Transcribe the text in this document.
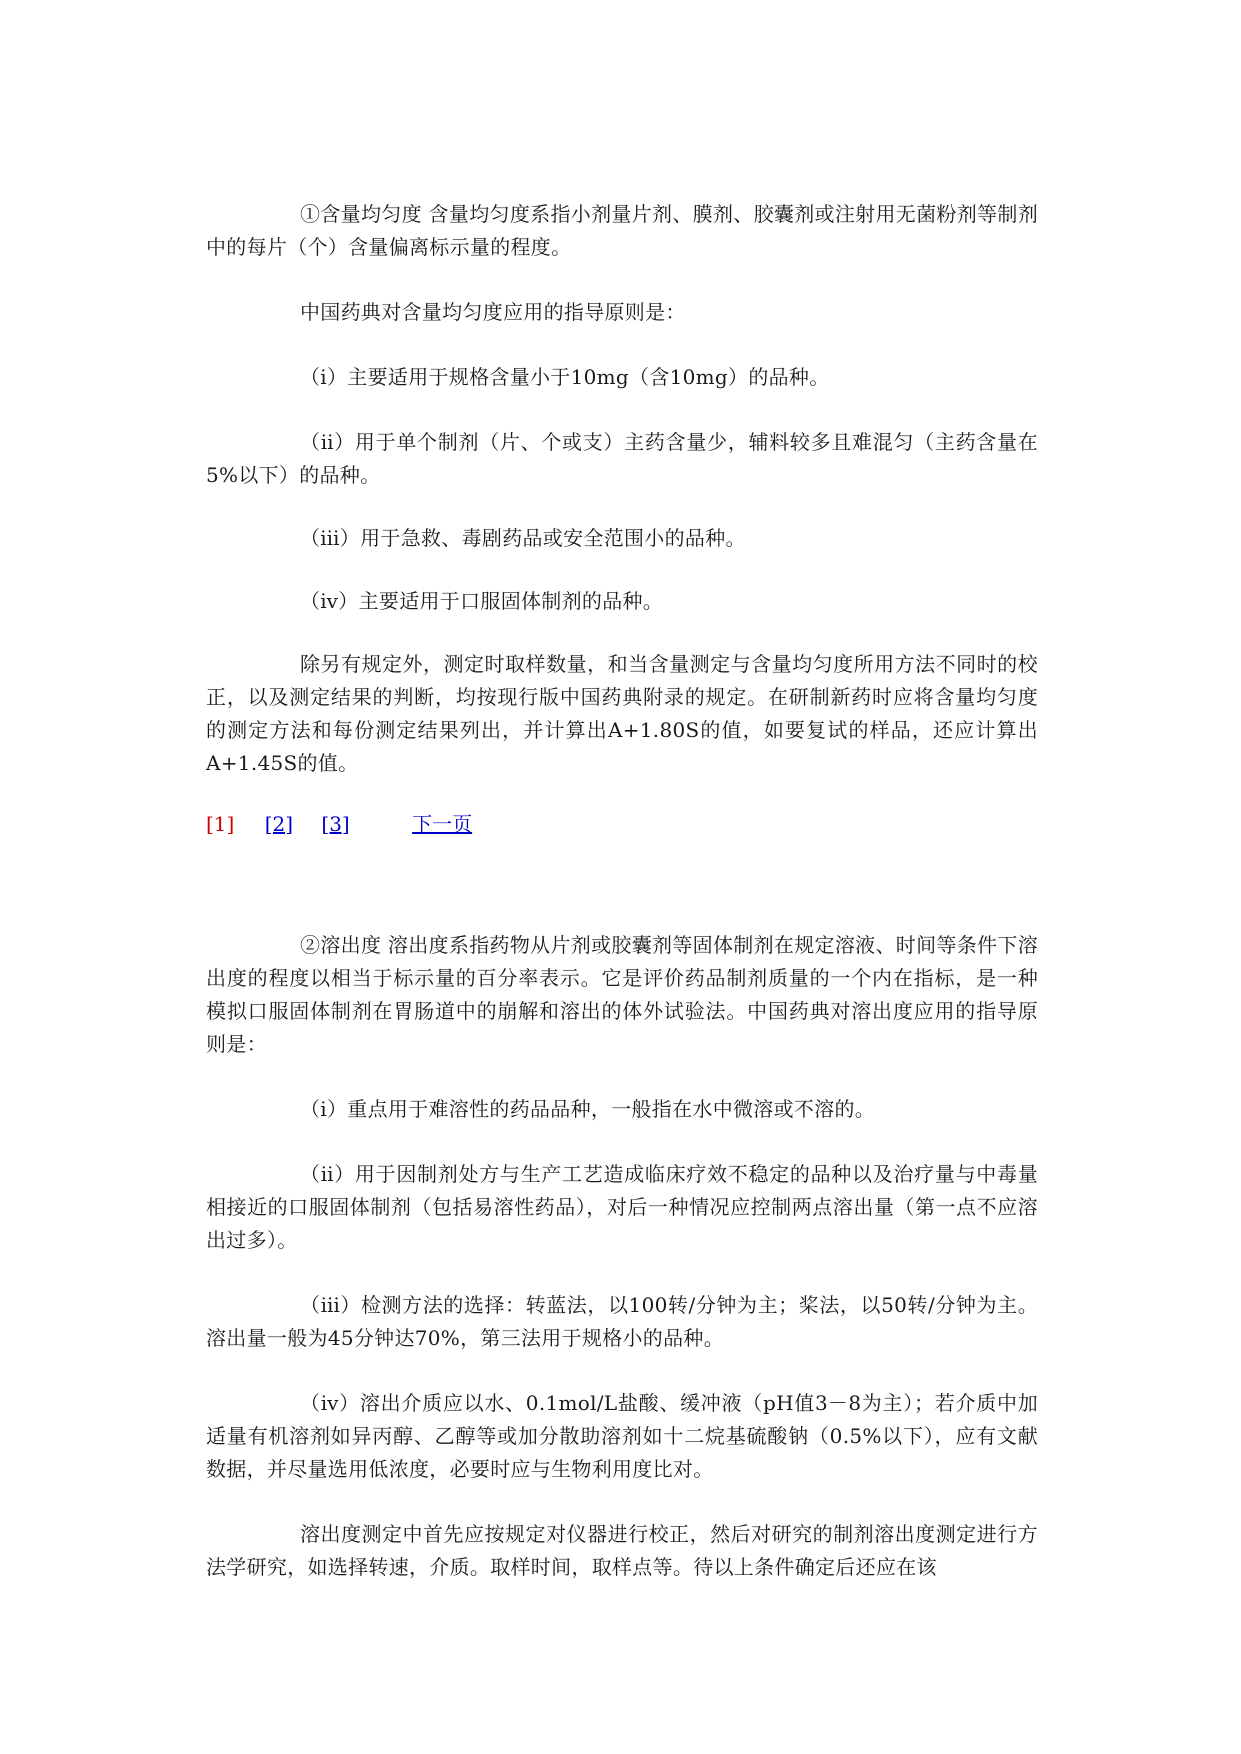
①含量均匀度 含量均匀度系指小剂量片剂、膜剂、胶囊剂或注射用无菌粉剂等制剂中的每片（个）含量偏离标示量的程度。

中国药典对含量均匀度应用的指导原则是：

（ⅰ）主要适用于规格含量小于10mg（含10mg）的品种。

（ⅱ）用于单个制剂（片、个或支）主药含量少，辅料较多且难混匀（主药含量在5%以下）的品种。

（ⅲ）用于急救、毒剧药品或安全范围小的品种。

（ⅳ）主要适用于口服固体制剂的品种。

除另有规定外，测定时取样数量，和当含量测定与含量均匀度所用方法不同时的校正，以及测定结果的判断，均按现行版中国药典附录的规定。在研制新药时应将含量均匀度的测定方法和每份测定结果列出，并计算出A+1.80S的值，如要复试的样品，还应计算出A+1.45S的值。

[1] [2] [3]	下一页

②溶出度 溶出度系指药物从片剂或胶囊剂等固体制剂在规定溶液、时间等条件下溶出度的程度以相当于标示量的百分率表示。它是评价药品制剂质量的一个内在指标，是一种模拟口服固体制剂在胃肠道中的崩解和溶出的体外试验法。中国药典对溶出度应用的指导原则是：

（ⅰ）重点用于难溶性的药品品种，一般指在水中微溶或不溶的。

（ⅱ）用于因制剂处方与生产工艺造成临床疗效不稳定的品种以及治疗量与中毒量相接近的口服固体制剂（包括易溶性药品），对后一种情况应控制两点溶出量（第一点不应溶出过多）。

（ⅲ）检测方法的选择：转蓝法，以100转/分钟为主；桨法，以50转/分钟为主。溶出量一般为45分钟达70%，第三法用于规格小的品种。

（ⅳ）溶出介质应以水、0.1mol/L盐酸、缓冲液（pH值3－8为主）；若介质中加适量有机溶剂如异丙醇、乙醇等或加分散助溶剂如十二烷基硫酸钠（0.5%以下），应有文献数据，并尽量选用低浓度，必要时应与生物利用度比对。

溶出度测定中首先应按规定对仪器进行校正，然后对研究的制剂溶出度测定进行方法学研究，如选择转速，介质。取样时间，取样点等。待以上条件确定后还应在该
